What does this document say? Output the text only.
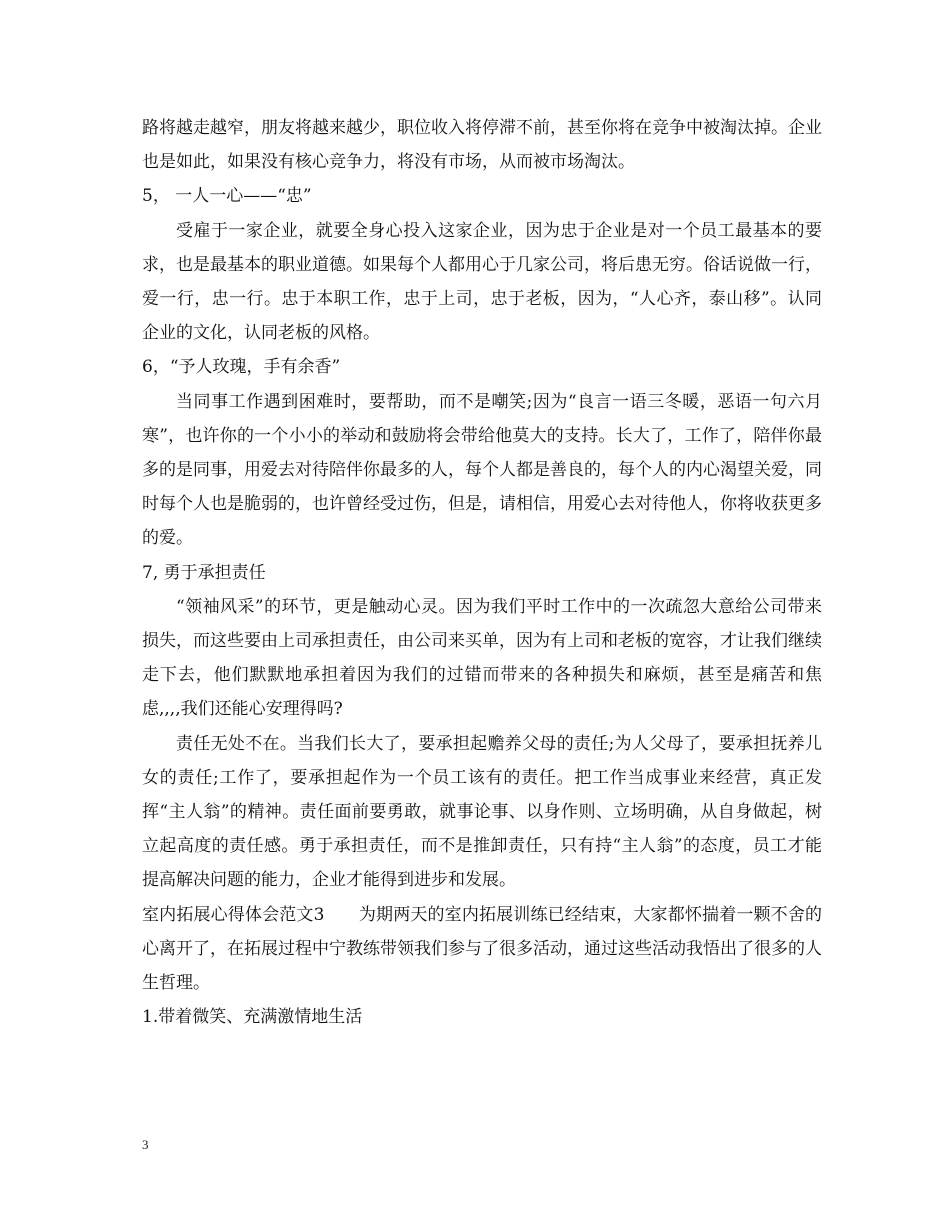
路将越走越窄，朋友将越来越少，职位收入将停滞不前，甚至你将在竞争中被淘汰掉。企业也是如此，如果没有核心竞争力，将没有市场，从而被市场淘汰。

5， 一人一心——“忠”

受雇于一家企业，就要全身心投入这家企业，因为忠于企业是对一个员工最基本的要求，也是最基本的职业道德。如果每个人都用心于几家公司，将后患无穷。俗话说做一行，爱一行，忠一行。忠于本职工作，忠于上司，忠于老板，因为，“人心齐，泰山移”。认同企业的文化，认同老板的风格。

6，“予人玫瑰，手有余香”

当同事工作遇到困难时，要帮助，而不是嘲笑;因为“良言一语三冬暖，恶语一句六月寒”，也许你的一个小小的举动和鼓励将会带给他莫大的支持。长大了，工作了，陪伴你最多的是同事，用爱去对待陪伴你最多的人，每个人都是善良的，每个人的内心渴望关爱，同时每个人也是脆弱的，也许曾经受过伤，但是，请相信，用爱心去对待他人，你将收获更多的爱。

7, 勇于承担责任

“领袖风采”的环节，更是触动心灵。因为我们平时工作中的一次疏忽大意给公司带来损失，而这些要由上司承担责任，由公司来买单，因为有上司和老板的宽容，才让我们继续走下去，他们默默地承担着因为我们的过错而带来的各种损失和麻烦，甚至是痛苦和焦虑,,,,我们还能心安理得吗?

责任无处不在。当我们长大了，要承担起赡养父母的责任;为人父母了，要承担抚养儿女的责任;工作了，要承担起作为一个员工该有的责任。把工作当成事业来经营，真正发挥“主人翁”的精神。责任面前要勇敢，就事论事、以身作则、立场明确，从自身做起，树立起高度的责任感。勇于承担责任，而不是推卸责任，只有持“主人翁”的态度，员工才能提高解决问题的能力，企业才能得到进步和发展。

室内拓展心得体会范文3　　为期两天的室内拓展训练已经结束，大家都怀揣着一颗不舍的心离开了，在拓展过程中宁教练带领我们参与了很多活动，通过这些活动我悟出了很多的人生哲理。

1.带着微笑、充满激情地生活

3
